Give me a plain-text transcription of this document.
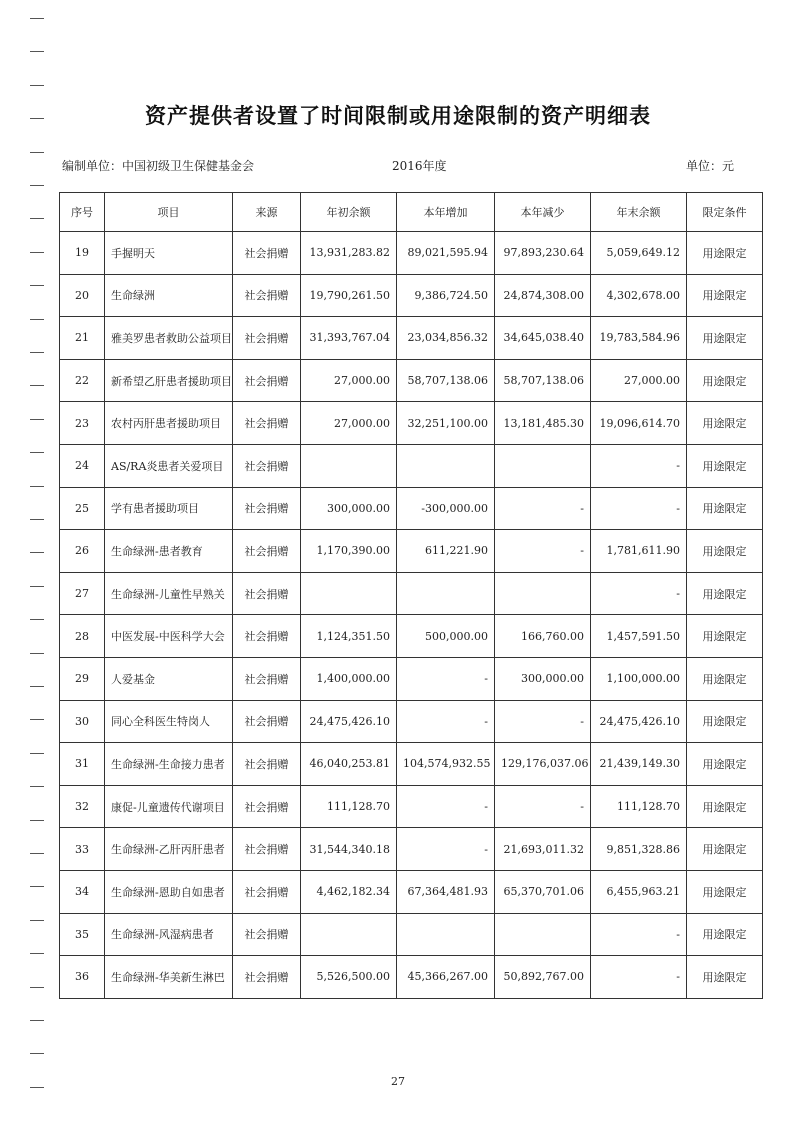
资产提供者设置了时间限制或用途限制的资产明细表
编制单位：中国初级卫生保健基金会	2016年度	单位：元
序号	项目	来源	年初余额	本年增加	本年减少	年末余额	限定条件
19	手握明天	社会捐赠	13,931,283.82	89,021,595.94	97,893,230.64	5,059,649.12	用途限定
20	生命绿洲	社会捐赠	19,790,261.50	9,386,724.50	24,874,308.00	4,302,678.00	用途限定
21	雅美罗患者救助公益项目	社会捐赠	31,393,767.04	23,034,856.32	34,645,038.40	19,783,584.96	用途限定
22	新希望乙肝患者援助项目	社会捐赠	27,000.00	58,707,138.06	58,707,138.06	27,000.00	用途限定
23	农村丙肝患者援助项目	社会捐赠	27,000.00	32,251,100.00	13,181,485.30	19,096,614.70	用途限定
24	AS/RA炎患者关爱项目	社会捐赠				-	用途限定
25	学有患者援助项目	社会捐赠	300,000.00	-300,000.00	-	-	用途限定
26	生命绿洲-患者教育	社会捐赠	1,170,390.00	611,221.90	-	1,781,611.90	用途限定
27	生命绿洲-儿童性早熟关	社会捐赠				-	用途限定
28	中医发展-中医科学大会	社会捐赠	1,124,351.50	500,000.00	166,760.00	1,457,591.50	用途限定
29	人爱基金	社会捐赠	1,400,000.00	-	300,000.00	1,100,000.00	用途限定
30	同心全科医生特岗人	社会捐赠	24,475,426.10	-	-	24,475,426.10	用途限定
31	生命绿洲-生命接力患者	社会捐赠	46,040,253.81	104,574,932.55	129,176,037.06	21,439,149.30	用途限定
32	康促-儿童遗传代谢项目	社会捐赠	111,128.70	-	-	111,128.70	用途限定
33	生命绿洲-乙肝丙肝患者	社会捐赠	31,544,340.18	-	21,693,011.32	9,851,328.86	用途限定
34	生命绿洲-恩助自如患者	社会捐赠	4,462,182.34	67,364,481.93	65,370,701.06	6,455,963.21	用途限定
35	生命绿洲-风湿病患者	社会捐赠				-	用途限定
36	生命绿洲-华美新生淋巴	社会捐赠	5,526,500.00	45,366,267.00	50,892,767.00	-	用途限定
27
